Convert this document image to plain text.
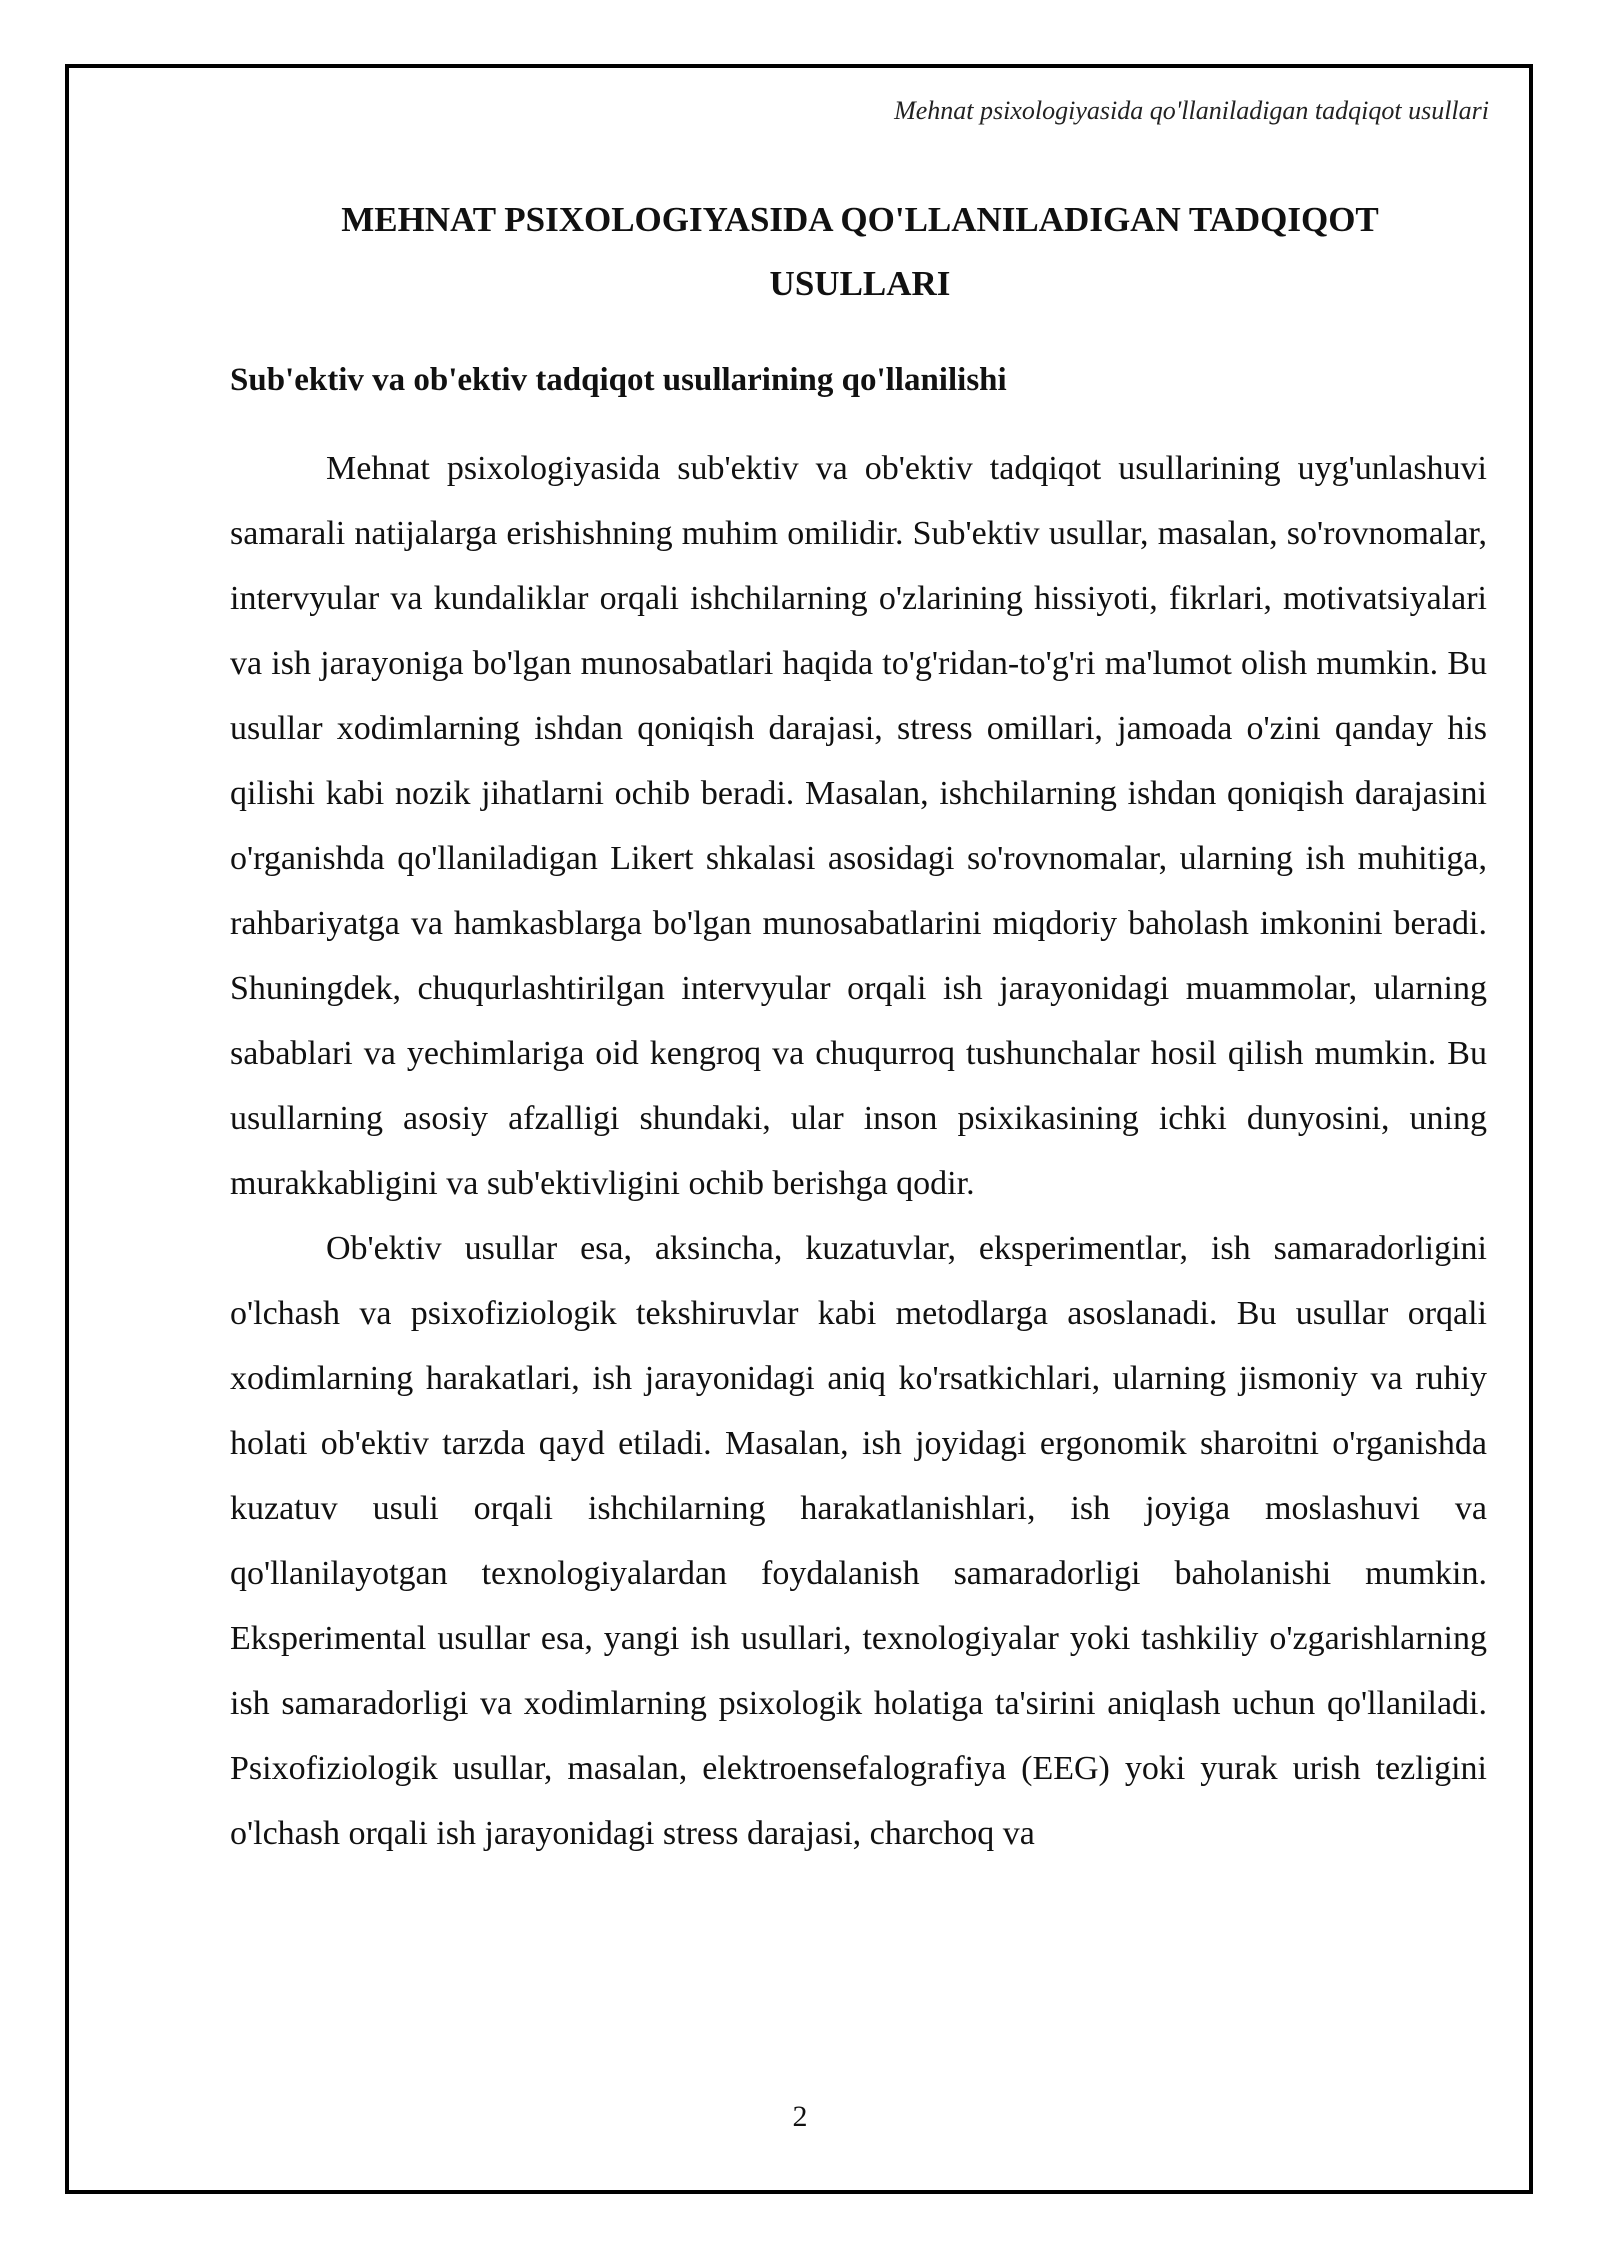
Mehnat psixologiyasida qo'llaniladigan tadqiqot usullari
MEHNAT PSIXOLOGIYASIDA QO'LLANILADIGAN TADQIQOT
USULLARI
Sub'ektiv va ob'ektiv tadqiqot usullarining qo'llanilishi

Mehnat psixologiyasida sub'ektiv va ob'ektiv tadqiqot usullarining uyg'unlashuvi samarali natijalarga erishishning muhim omilidir. Sub'ektiv usullar, masalan, so'rovnomalar, intervyular va kundaliklar orqali ishchilarning o'zlarining hissiyoti, fikrlari, motivatsiyalari va ish jarayoniga bo'lgan munosabatlari haqida to'g'ridan-to'g'ri ma'lumot olish mumkin. Bu usullar xodimlarning ishdan qoniqish darajasi, stress omillari, jamoada o'zini qanday his qilishi kabi nozik jihatlarni ochib beradi. Masalan, ishchilarning ishdan qoniqish darajasini o'rganishda qo'llaniladigan Likert shkalasi asosidagi so'rovnomalar, ularning ish muhitiga, rahbariyatga va hamkasblarga bo'lgan munosabatlarini miqdoriy baholash imkonini beradi. Shuningdek, chuqurlashtirilgan intervyular orqali ish jarayonidagi muammolar, ularning sabablari va yechimlariga oid kengroq va chuqurroq tushunchalar hosil qilish mumkin. Bu usullarning asosiy afzalligi shundaki, ular inson psixikasining ichki dunyosini, uning murakkabligini va sub'ektivligini ochib berishga qodir.

Ob'ektiv usullar esa, aksincha, kuzatuvlar, eksperimentlar, ish samaradorligini o'lchash va psixofiziologik tekshiruvlar kabi metodlarga asoslanadi. Bu usullar orqali xodimlarning harakatlari, ish jarayonidagi aniq ko'rsatkichlari, ularning jismoniy va ruhiy holati ob'ektiv tarzda qayd etiladi. Masalan, ish joyidagi ergonomik sharoitni o'rganishda kuzatuv usuli orqali ishchilarning harakatlanishlari, ish joyiga moslashuvi va qo'llanilayotgan texnologiyalardan foydalanish samaradorligi baholanishi mumkin. Eksperimental usullar esa, yangi ish usullari, texnologiyalar yoki tashkiliy o'zgarishlarning ish samaradorligi va xodimlarning psixologik holatiga ta'sirini aniqlash uchun qo'llaniladi. Psixofiziologik usullar, masalan, elektroensefalografiya (EEG) yoki yurak urish tezligini o'lchash orqali ish jarayonidagi stress darajasi, charchoq va

2
